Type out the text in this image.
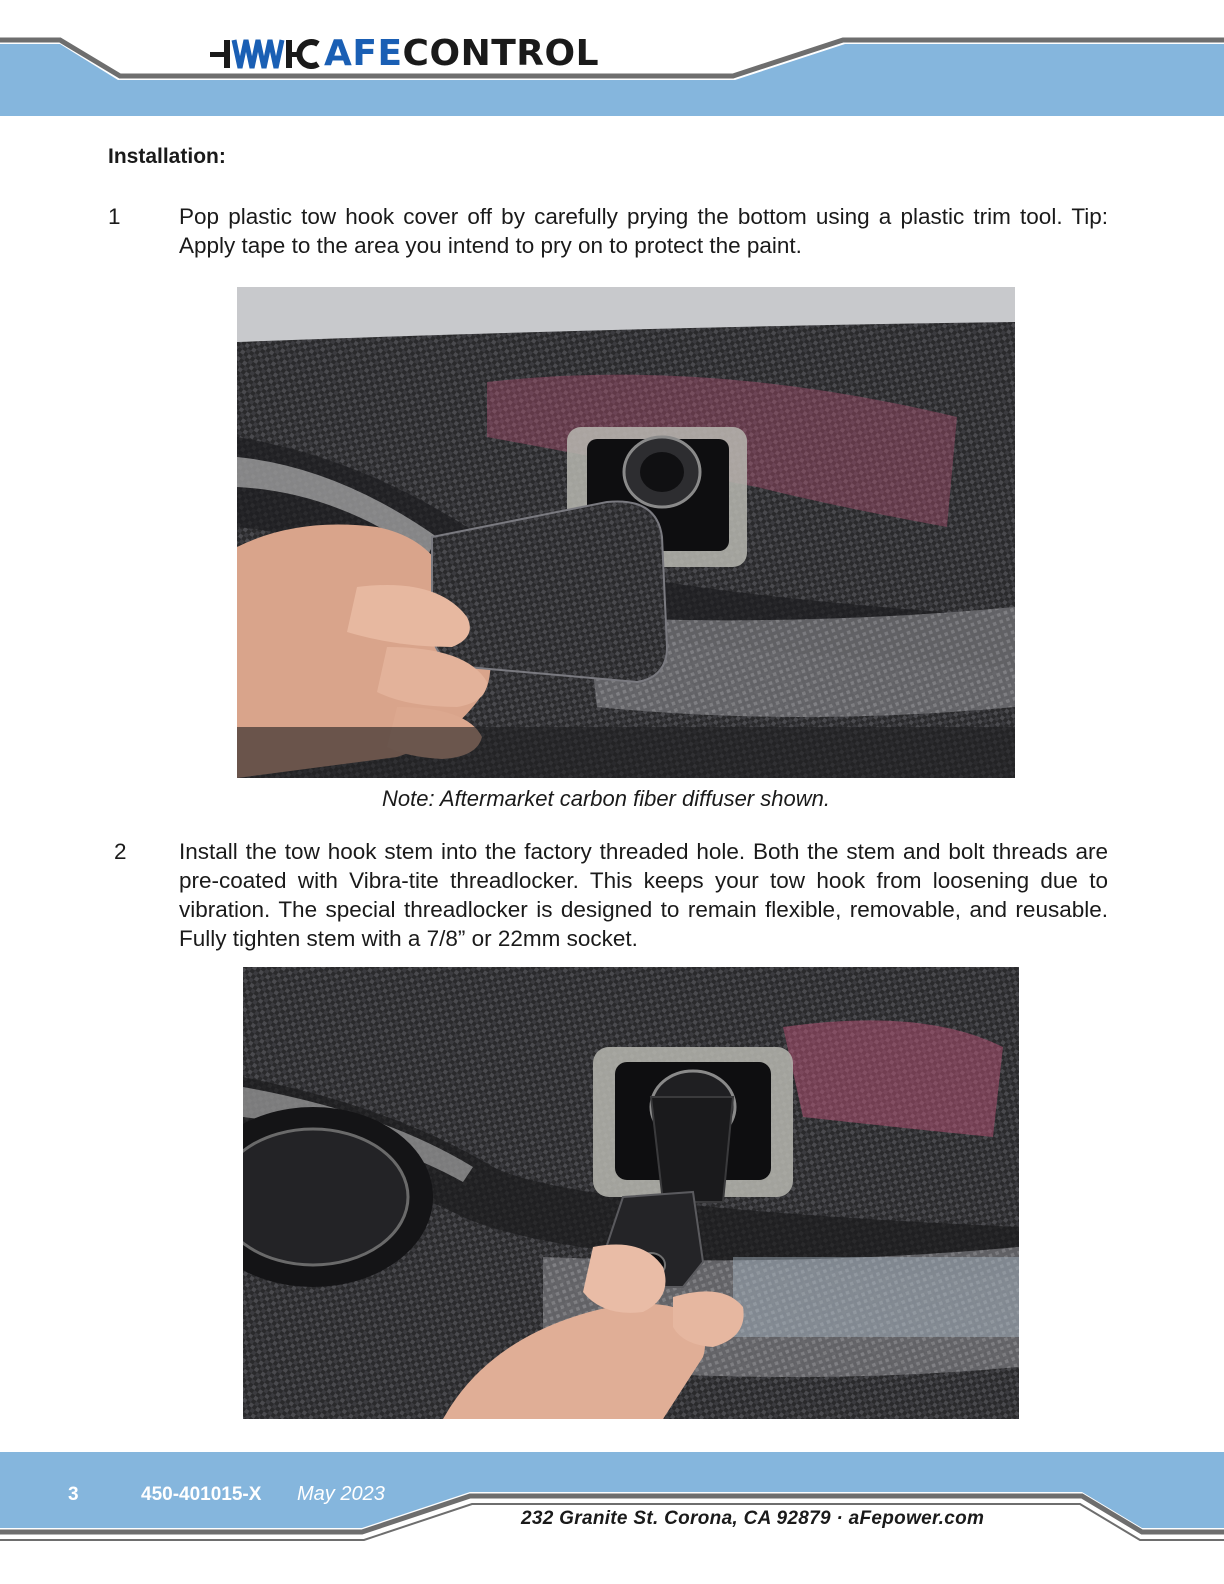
AFECONTROL
Installation:
1	Pop plastic tow hook cover off by carefully prying the bottom using a plastic trim tool. Tip: Apply tape to the area you intend to pry on to protect the paint.
Note: Aftermarket carbon fiber diffuser shown.
2	Install the tow hook stem into the factory threaded hole. Both the stem and bolt threads are pre-coated with Vibra-tite threadlocker. This keeps your tow hook from loosening due to vibration. The special threadlocker is designed to remain flexible, removable, and reusable. Fully tighten stem with a 7/8” or 22mm socket.
3	450-401015-X May 2023
232 Granite St. Corona, CA 92879 · aFepower.com
